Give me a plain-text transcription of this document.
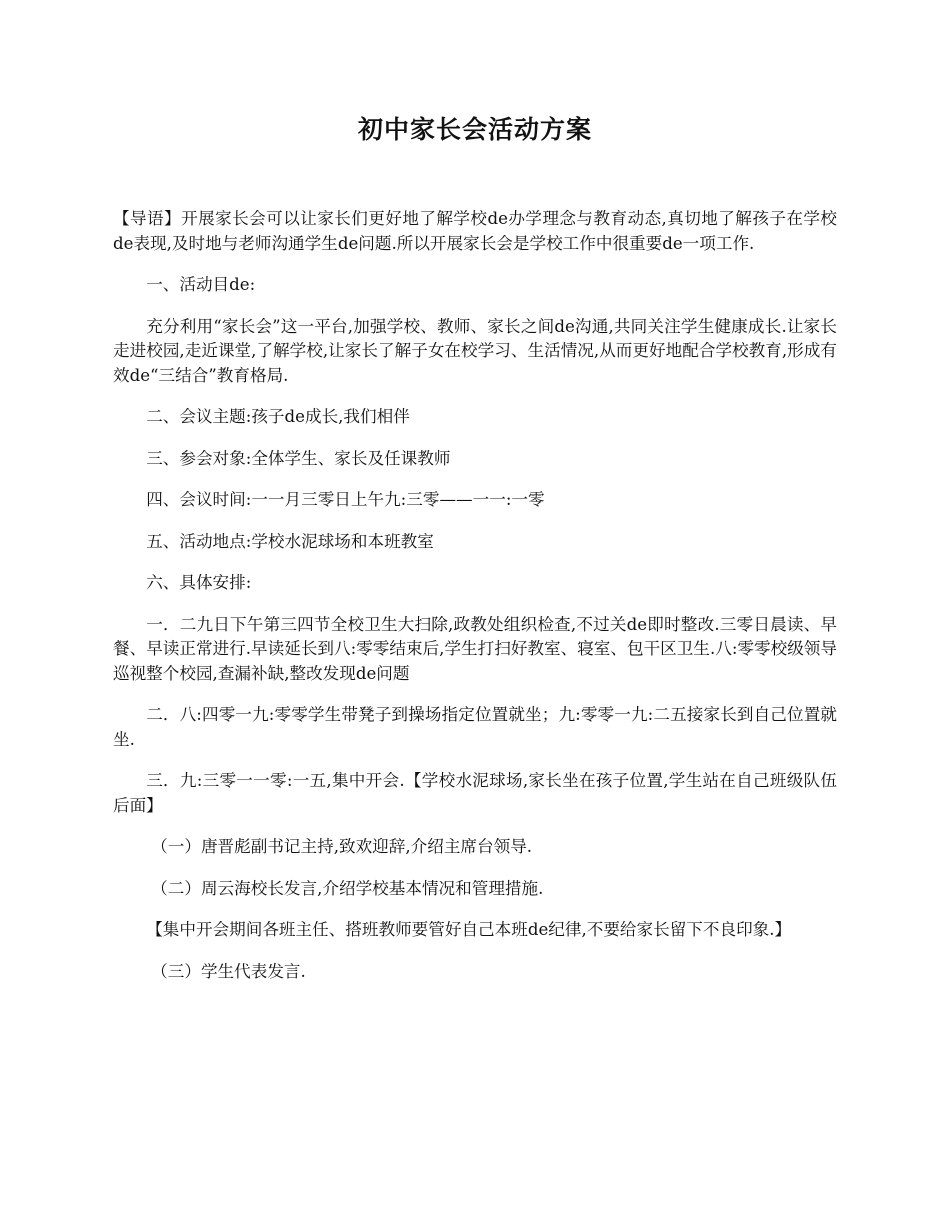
初中家长会活动方案

【导语】开展家长会可以让家长们更好地了解学校de办学理念与教育动态,真切地了解孩子在学校de表现,及时地与老师沟通学生de问题.所以开展家长会是学校工作中很重要de一项工作.

一、活动目de:

充分利用“家长会”这一平台,加强学校、教师、家长之间de沟通,共同关注学生健康成长.让家长走进校园,走近课堂,了解学校,让家长了解子女在校学习、生活情况,从而更好地配合学校教育,形成有效de“三结合”教育格局.

二、会议主题:孩子de成长,我们相伴

三、参会对象:全体学生、家长及任课教师

四、会议时间:一一月三零日上午九:三零——一一:一零

五、活动地点:学校水泥球场和本班教室

六、具体安排:

一．二九日下午第三四节全校卫生大扫除,政教处组织检查,不过关de即时整改.三零日晨读、早餐、早读正常进行.早读延长到八:零零结束后,学生打扫好教室、寝室、包干区卫生.八:零零校级领导巡视整个校园,查漏补缺,整改发现de问题

二．八:四零一九:零零学生带凳子到操场指定位置就坐；九:零零一九:二五接家长到自己位置就坐.

三．九:三零一一零:一五,集中开会.【学校水泥球场,家长坐在孩子位置,学生站在自己班级队伍后面】

（一）唐晋彪副书记主持,致欢迎辞,介绍主席台领导.

（二）周云海校长发言,介绍学校基本情况和管理措施.

【集中开会期间各班主任、搭班教师要管好自己本班de纪律,不要给家长留下不良印象.】

（三）学生代表发言.
